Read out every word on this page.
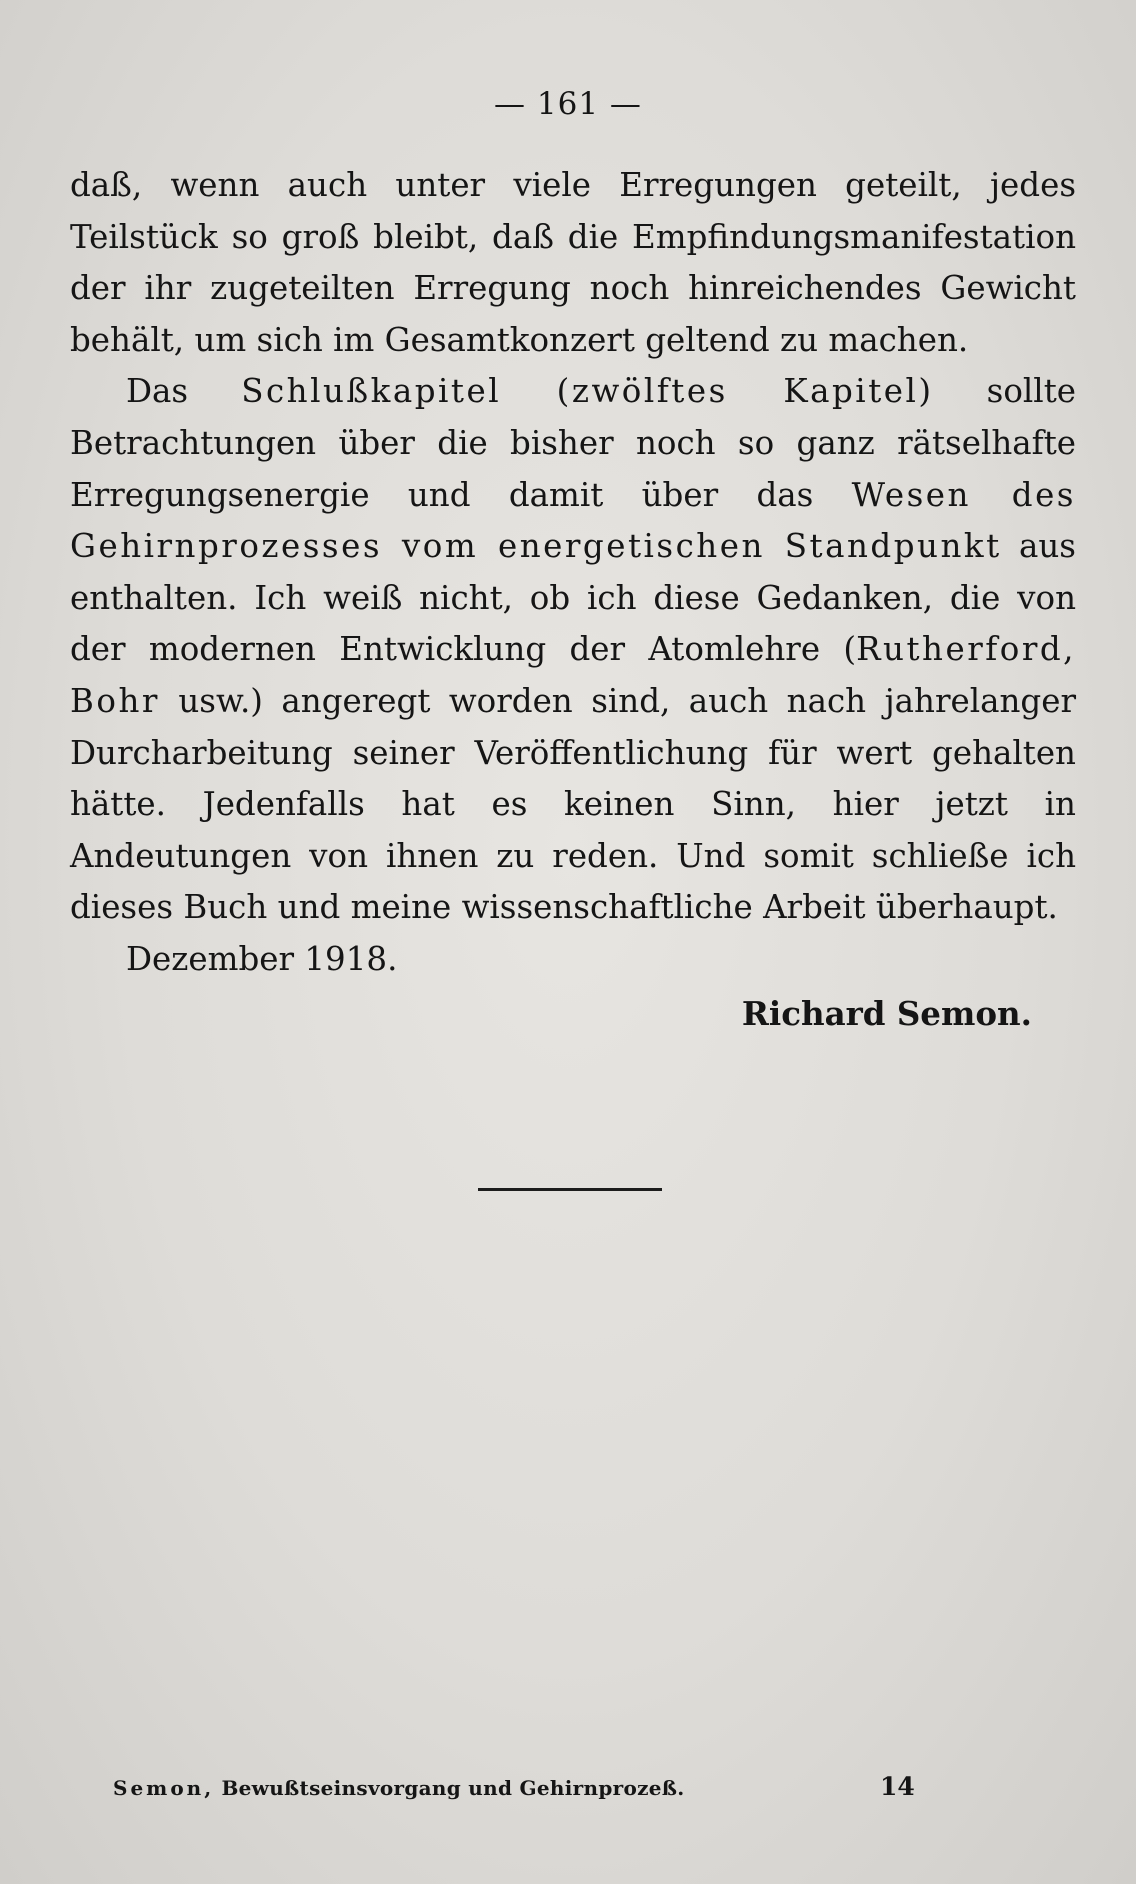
— 161 —

daß, wenn auch unter viele Erregungen geteilt, jedes Teilstück so groß bleibt, daß die Empfindungsmanifestation der ihr zugeteilten Erregung noch hinreichendes Gewicht behält, um sich im Gesamtkonzert geltend zu machen.

Das Schlußkapitel (zwölftes Kapitel) sollte Betrachtungen über die bisher noch so ganz rätselhafte Erregungsenergie und damit über das Wesen des Gehirnprozesses vom energetischen Standpunkt aus enthalten. Ich weiß nicht, ob ich diese Gedanken, die von der modernen Entwicklung der Atomlehre (Rutherford, Bohr usw.) angeregt worden sind, auch nach jahrelanger Durcharbeitung seiner Veröffentlichung für wert gehalten hätte. Jedenfalls hat es keinen Sinn, hier jetzt in Andeutungen von ihnen zu reden. Und somit schließe ich dieses Buch und meine wissenschaftliche Arbeit überhaupt.

Dezember 1918.

Richard Semon.

Semon, Bewußtseinsvorgang und Gehirnprozeß.	14
